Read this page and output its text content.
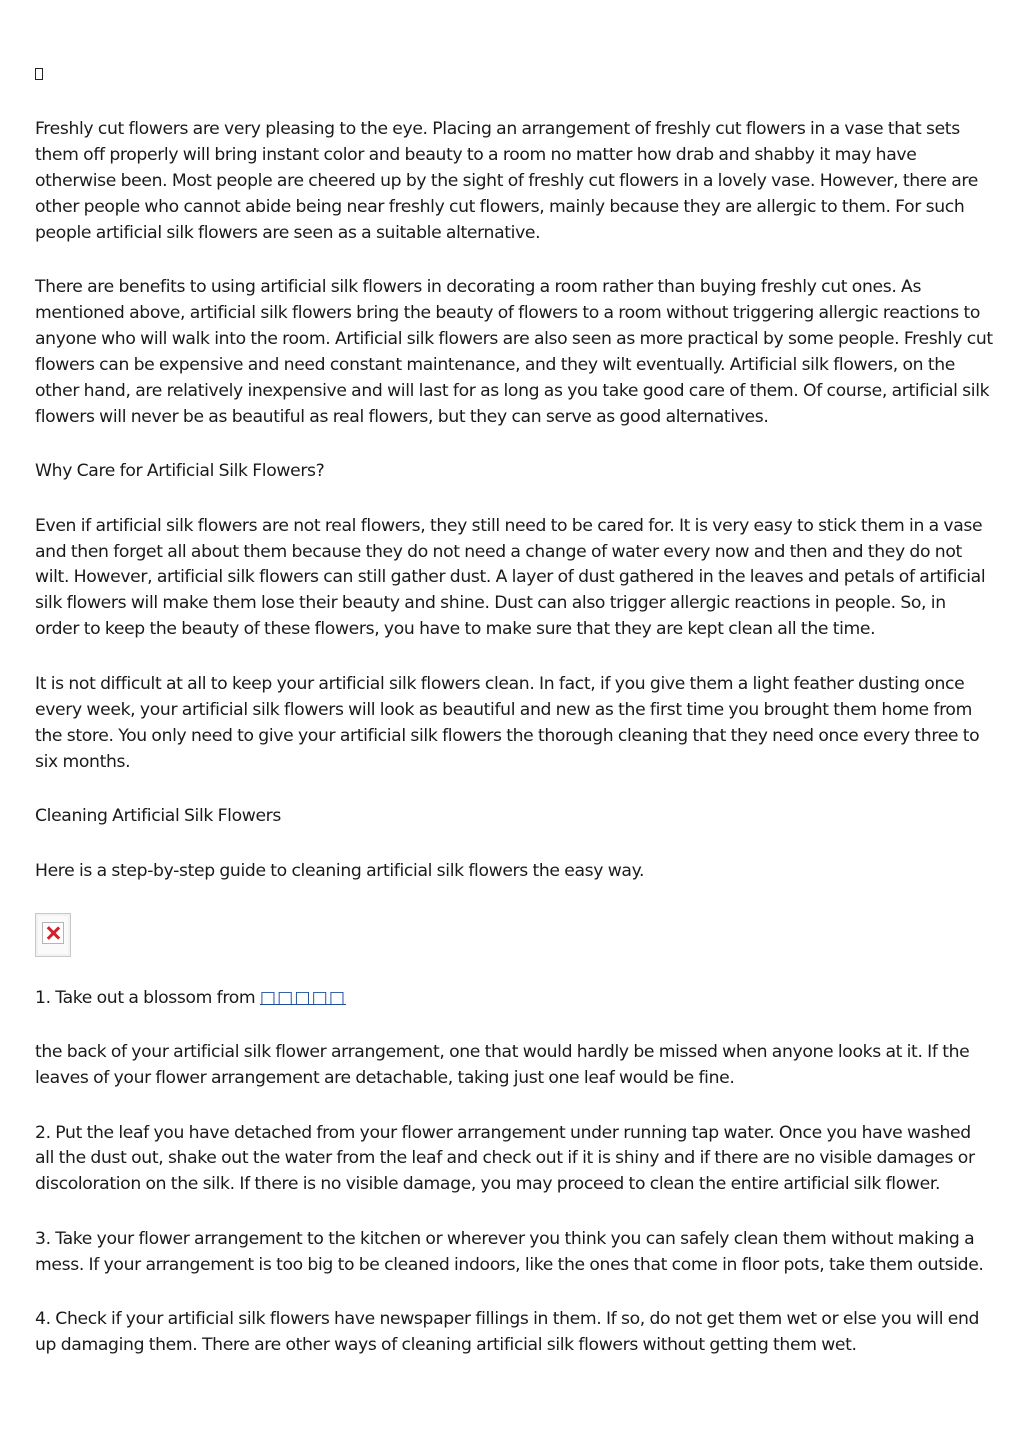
Freshly cut flowers are very pleasing to the eye. Placing an arrangement of freshly cut flowers in a vase that sets them off properly will bring instant color and beauty to a room no matter how drab and shabby it may have otherwise been. Most people are cheered up by the sight of freshly cut flowers in a lovely vase. However, there are other people who cannot abide being near freshly cut flowers, mainly because they are allergic to them. For such people artificial silk flowers are seen as a suitable alternative.

There are benefits to using artificial silk flowers in decorating a room rather than buying freshly cut ones. As mentioned above, artificial silk flowers bring the beauty of flowers to a room without triggering allergic reactions to anyone who will walk into the room. Artificial silk flowers are also seen as more practical by some people. Freshly cut flowers can be expensive and need constant maintenance, and they wilt eventually. Artificial silk flowers, on the other hand, are relatively inexpensive and will last for as long as you take good care of them. Of course, artificial silk flowers will never be as beautiful as real flowers, but they can serve as good alternatives.

Why Care for Artificial Silk Flowers?

Even if artificial silk flowers are not real flowers, they still need to be cared for. It is very easy to stick them in a vase and then forget all about them because they do not need a change of water every now and then and they do not wilt. However, artificial silk flowers can still gather dust. A layer of dust gathered in the leaves and petals of artificial silk flowers will make them lose their beauty and shine. Dust can also trigger allergic reactions in people. So, in order to keep the beauty of these flowers, you have to make sure that they are kept clean all the time.

It is not difficult at all to keep your artificial silk flowers clean. In fact, if you give them a light feather dusting once every week, your artificial silk flowers will look as beautiful and new as the first time you brought them home from the store. You only need to give your artificial silk flowers the thorough cleaning that they need once every three to six months.

Cleaning Artificial Silk Flowers

Here is a step-by-step guide to cleaning artificial silk flowers the easy way.

1. Take out a blossom from □□□□□

the back of your artificial silk flower arrangement, one that would hardly be missed when anyone looks at it. If the leaves of your flower arrangement are detachable, taking just one leaf would be fine.

2. Put the leaf you have detached from your flower arrangement under running tap water. Once you have washed all the dust out, shake out the water from the leaf and check out if it is shiny and if there are no visible damages or discoloration on the silk. If there is no visible damage, you may proceed to clean the entire artificial silk flower.

3. Take your flower arrangement to the kitchen or wherever you think you can safely clean them without making a mess. If your arrangement is too big to be cleaned indoors, like the ones that come in floor pots, take them outside.

4. Check if your artificial silk flowers have newspaper fillings in them. If so, do not get them wet or else you will end up damaging them. There are other ways of cleaning artificial silk flowers without getting them wet.
